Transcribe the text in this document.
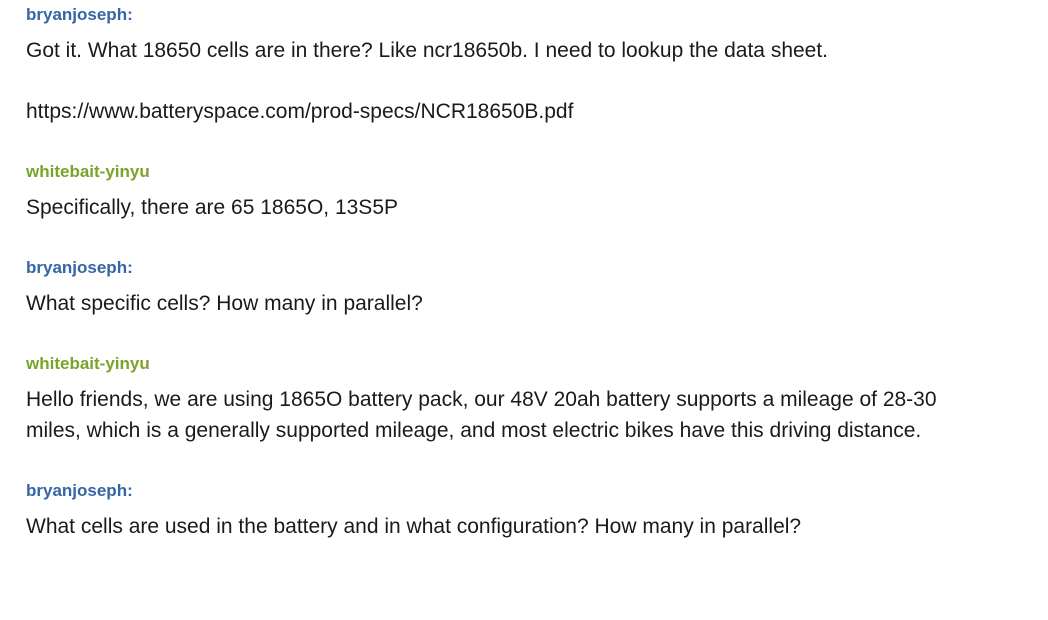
bryanjoseph:

Got it. What 18650 cells are in there? Like ncr18650b. I need to lookup the data sheet.

https://www.batteryspace.com/prod-specs/NCR18650B.pdf

whitebait-yinyu

Specifically, there are 65 1865O, 13S5P

bryanjoseph:

What specific cells? How many in parallel?

whitebait-yinyu

Hello friends, we are using 1865O battery pack, our 48V 20ah battery supports a mileage of 28-30 miles, which is a generally supported mileage, and most electric bikes have this driving distance.

bryanjoseph:

What cells are used in the battery and in what configuration? How many in parallel?
